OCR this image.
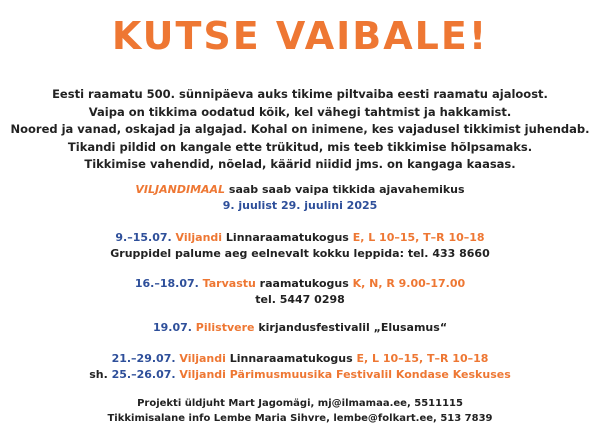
KUTSE VAIBALE!
Eesti raamatu 500. sünnipäeva auks tikime piltvaiba eesti raamatu ajaloost.
Vaipa on tikkima oodatud kõik, kel vähegi tahtmist ja hakkamist.
Noored ja vanad, oskajad ja algajad. Kohal on inimene, kes vajadusel tikkimist juhendab.
Tikandi pildid on kangale ette trükitud, mis teeb tikkimise hõlpsamaks.
Tikkimise vahendid, nõelad, käärid niidid jms. on kangaga kaasas.
VILJANDIMAAL saab saab vaipa tikkida ajavahemikus
9. juulist 29. juulini 2025
9.–15.07. Viljandi Linnaraamatukogus E, L 10–15, T–R 10–18
Gruppidel palume aeg eelnevalt kokku leppida: tel. 433 8660
16.–18.07. Tarvastu raamatukogus K, N, R 9.00-17.00
tel. 5447 0298
19.07. Pilistvere kirjandusfestivalil „Elusamus“
21.–29.07. Viljandi Linnaraamatukogus E, L 10–15, T–R 10–18
sh. 25.–26.07. Viljandi Pärimusmuusika Festivalil Kondase Keskuses
Projekti üldjuht Mart Jagomägi, mj@ilmamaa.ee, 5511115
Tikkimisalane info Lembe Maria Sihvre, lembe@folkart.ee, 513 7839
